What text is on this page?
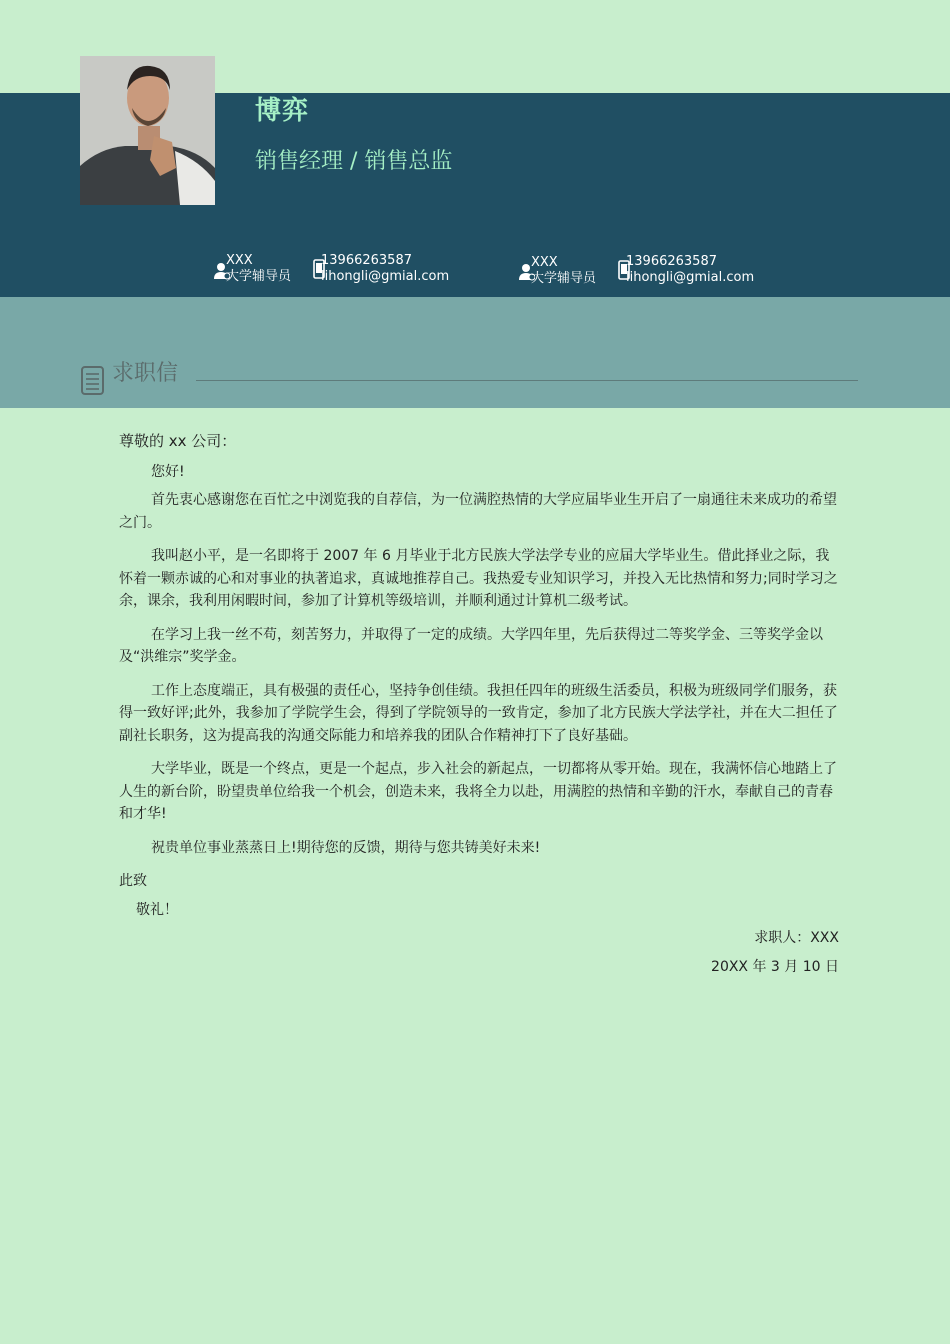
博弈
销售经理 / 销售总监
XXX
大学辅导员
13966263587
lihongli@gmial.com
XXX
大学辅导员
13966263587
lihongli@gmial.com
求职信

尊敬的 xx 公司：

您好!

首先衷心感谢您在百忙之中浏览我的自荐信，为一位满腔热情的大学应届毕业生开启了一扇通往未来成功的希望之门。

我叫赵小平，是一名即将于 2007 年 6 月毕业于北方民族大学法学专业的应届大学毕业生。借此择业之际，我怀着一颗赤诚的心和对事业的执著追求，真诚地推荐自己。我热爱专业知识学习，并投入无比热情和努力;同时学习之余，课余，我利用闲暇时间，参加了计算机等级培训，并顺利通过计算机二级考试。

在学习上我一丝不苟，刻苦努力，并取得了一定的成绩。大学四年里，先后获得过二等奖学金、三等奖学金以及“洪维宗”奖学金。

工作上态度端正，具有极强的责任心，坚持争创佳绩。我担任四年的班级生活委员，积极为班级同学们服务，获得一致好评;此外，我参加了学院学生会，得到了学院领导的一致肯定，参加了北方民族大学法学社，并在大二担任了副社长职务，这为提高我的沟通交际能力和培养我的团队合作精神打下了良好基础。

大学毕业，既是一个终点，更是一个起点，步入社会的新起点，一切都将从零开始。现在，我满怀信心地踏上了人生的新台阶，盼望贵单位给我一个机会，创造未来，我将全力以赴，用满腔的热情和辛勤的汗水，奉献自己的青春和才华!

祝贵单位事业蒸蒸日上!期待您的反馈，期待与您共铸美好未来!

此致

敬礼！

求职人：XXX

20XX 年 3 月 10 日
